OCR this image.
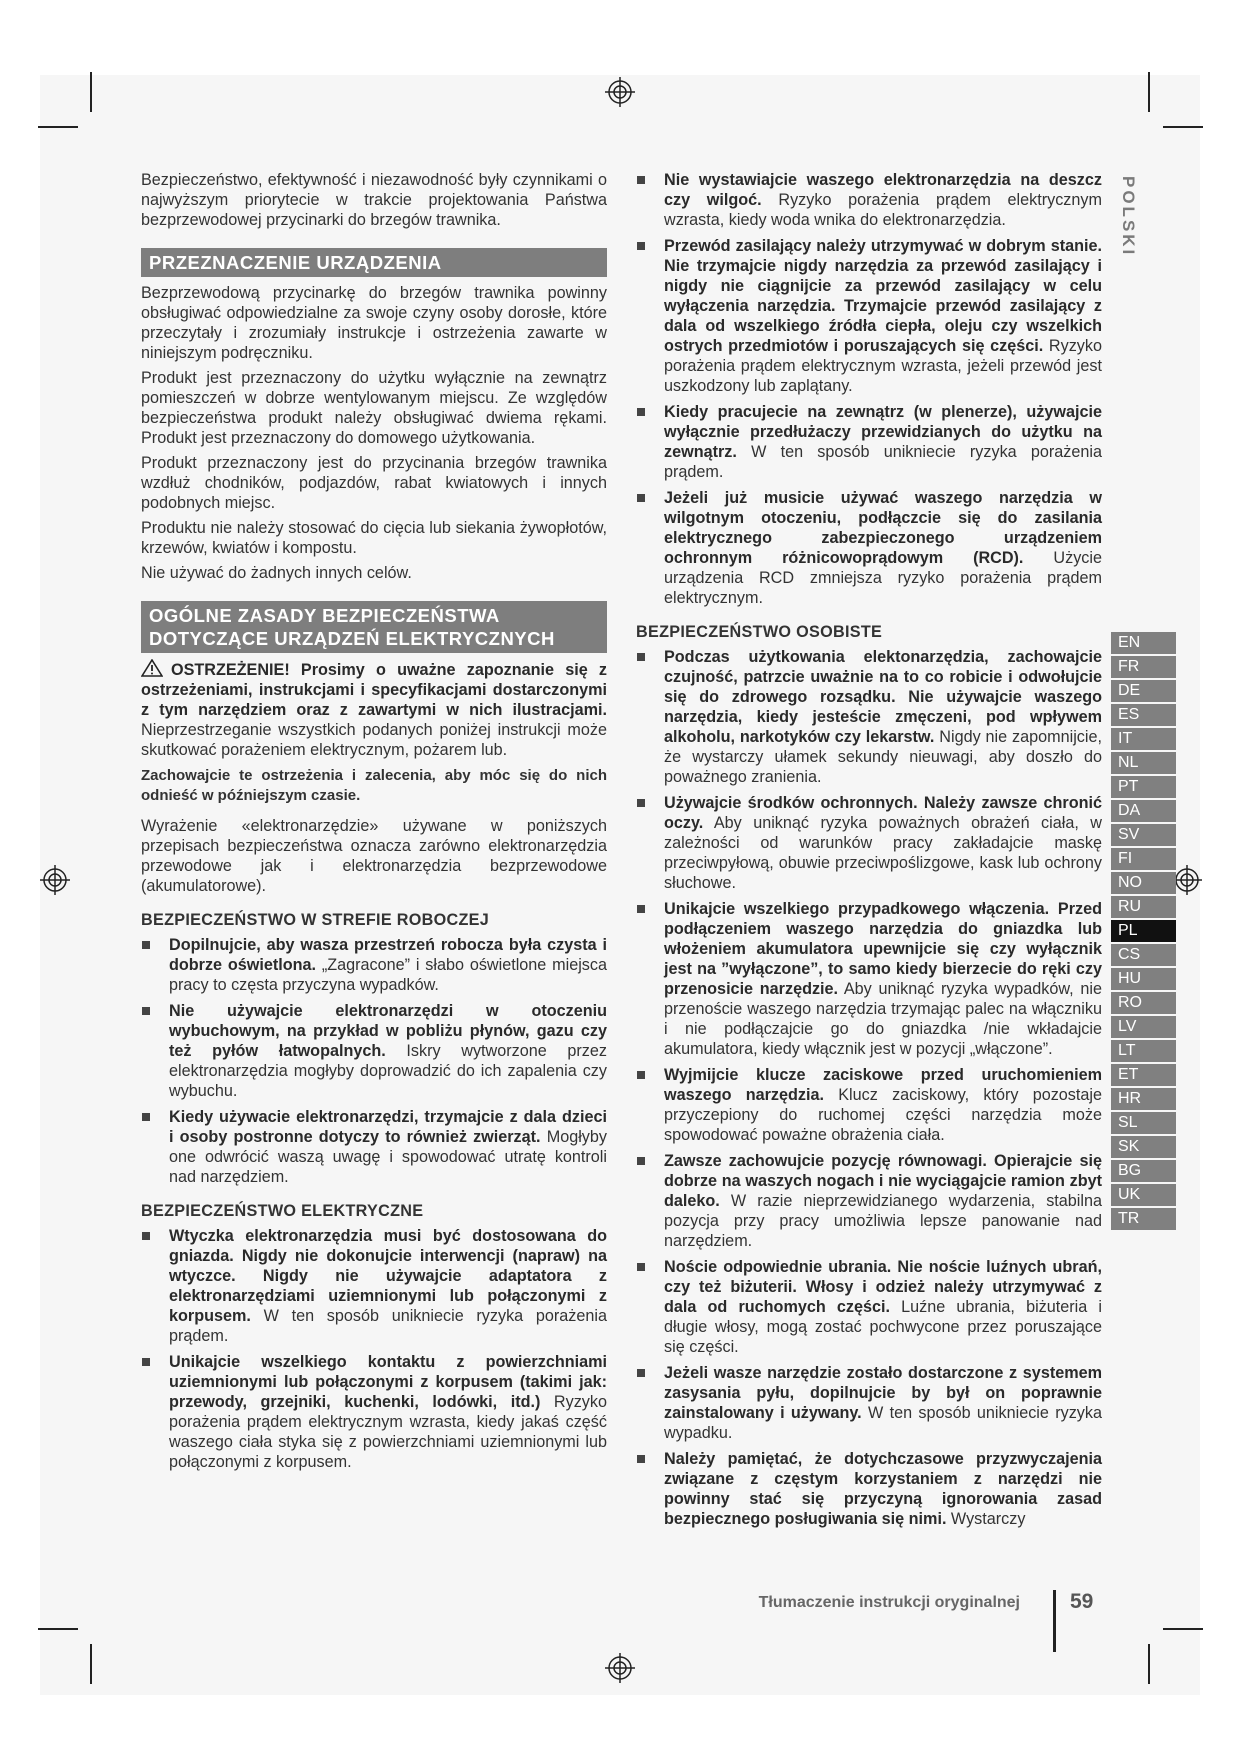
POLSKI

Bezpieczeństwo, efektywność i niezawodność były czynnikami o najwyższym priorytecie w trakcie projektowania Państwa bezprzewodowej przycinarki do brzegów trawnika.

PRZEZNACZENIE URZĄDZENIA

Bezprzewodową przycinarkę do brzegów trawnika powinny obsługiwać odpowiedzialne za swoje czyny osoby dorosłe, które przeczytały i zrozumiały instrukcje i ostrzeżenia zawarte w niniejszym podręczniku.

Produkt jest przeznaczony do użytku wyłącznie na zewnątrz pomieszczeń w dobrze wentylowanym miejscu. Ze względów bezpieczeństwa produkt należy obsługiwać dwiema rękami. Produkt jest przeznaczony do domowego użytkowania.

Produkt przeznaczony jest do przycinania brzegów trawnika wzdłuż chodników, podjazdów, rabat kwiatowych i innych podobnych miejsc.

Produktu nie należy stosować do cięcia lub siekania żywopłotów, krzewów, kwiatów i kompostu.

Nie używać do żadnych innych celów.

OGÓLNE ZASADY BEZPIECZEŃSTWA
DOTYCZĄCE URZĄDZEŃ ELEKTRYCZNYCH

OSTRZEŻENIE! Prosimy o uważne zapoznanie się z ostrzeżeniami, instrukcjami i specyfikacjami dostarczonymi z tym narzędziem oraz z zawartymi w nich ilustracjami. Nieprzestrzeganie wszystkich podanych poniżej instrukcji może skutkować porażeniem elektrycznym, pożarem lub.

Zachowajcie te ostrzeżenia i zalecenia, aby móc się do nich odnieść w późniejszym czasie.

Wyrażenie «elektronarzędzie» używane w poniższych przepisach bezpieczeństwa oznacza zarówno elektronarzędzia przewodowe jak i elektronarzędzia bezprzewodowe (akumulatorowe).

BEZPIECZEŃSTWO W STREFIE ROBOCZEJ
Dopilnujcie, aby wasza przestrzeń robocza była czysta i dobrze oświetlona. „Zagracone” i słabo oświetlone miejsca pracy to częsta przyczyna wypadków.
Nie używajcie elektronarzędzi w otoczeniu wybuchowym, na przykład w pobliżu płynów, gazu czy też pyłów łatwopalnych. Iskry wytworzone przez elektronarzędzia mogłyby doprowadzić do ich zapalenia czy wybuchu.
Kiedy używacie elektronarzędzi, trzymajcie z dala dzieci i osoby postronne dotyczy to również zwierząt. Mogłyby one odwrócić waszą uwagę i spowodować utratę kontroli nad narzędziem.
BEZPIECZEŃSTWO ELEKTRYCZNE
Wtyczka elektronarzędzia musi być dostosowana do gniazda. Nigdy nie dokonujcie interwencji (napraw) na wtyczce. Nigdy nie używajcie adaptatora z elektronarzędziami uziemnionymi lub połączonymi z korpusem. W ten sposób unikniecie ryzyka porażenia prądem.
Unikajcie wszelkiego kontaktu z powierzchniami uziemnionymi lub połączonymi z korpusem (takimi jak: przewody, grzejniki, kuchenki, lodówki, itd.) Ryzyko porażenia prądem elektrycznym wzrasta, kiedy jakaś część waszego ciała styka się z powierzchniami uziemnionymi lub połączonymi z korpusem.
Nie wystawiajcie waszego elektronarzędzia na deszcz czy wilgoć. Ryzyko porażenia prądem elektrycznym wzrasta, kiedy woda wnika do elektronarzędzia.
Przewód zasilający należy utrzymywać w dobrym stanie. Nie trzymajcie nigdy narzędzia za przewód zasilający i nigdy nie ciągnijcie za przewód zasilający w celu wyłączenia narzędzia. Trzymajcie przewód zasilający z dala od wszelkiego źródła ciepła, oleju czy wszelkich ostrych przedmiotów i poruszających się części. Ryzyko porażenia prądem elektrycznym wzrasta, jeżeli przewód jest uszkodzony lub zaplątany.
Kiedy pracujecie na zewnątrz (w plenerze), używajcie wyłącznie przedłużaczy przewidzianych do użytku na zewnątrz. W ten sposób unikniecie ryzyka porażenia prądem.
Jeżeli już musicie używać waszego narzędzia w wilgotnym otoczeniu, podłączcie się do zasilania elektrycznego zabezpieczonego urządzeniem ochronnym różnicowoprądowym (RCD). Użycie urządzenia RCD zmniejsza ryzyko porażenia prądem elektrycznym.
BEZPIECZEŃSTWO OSOBISTE
Podczas użytkowania elektonarzędzia, zachowajcie czujność, patrzcie uważnie na to co robicie i odwołujcie się do zdrowego rozsądku. Nie używajcie waszego narzędzia, kiedy jesteście zmęczeni, pod wpływem alkoholu, narkotyków czy lekarstw. Nigdy nie zapomnijcie, że wystarczy ułamek sekundy nieuwagi, aby doszło do poważnego zranienia.
Używajcie środków ochronnych. Należy zawsze chronić oczy. Aby uniknąć ryzyka poważnych obrażeń ciała, w zależności od warunków pracy zakładajcie maskę przeciwpyłową, obuwie przeciwpoślizgowe, kask lub ochrony słuchowe.
Unikajcie wszelkiego przypadkowego włączenia. Przed podłączeniem waszego narzędzia do gniazdka lub włożeniem akumulatora upewnijcie się czy wyłącznik jest na ”wyłączone”, to samo kiedy bierzecie do ręki czy przenosicie narzędzie. Aby uniknąć ryzyka wypadków, nie przenoście waszego narzędzia trzymając palec na włączniku i nie podłączajcie go do gniazdka /nie wkładajcie akumulatora, kiedy włącznik jest w pozycji „włączone”.
Wyjmijcie klucze zaciskowe przed uruchomieniem waszego narzędzia. Klucz zaciskowy, który pozostaje przyczepiony do ruchomej części narzędzia może spowodować poważne obrażenia ciała.
Zawsze zachowujcie pozycję równowagi. Opierajcie się dobrze na waszych nogach i nie wyciągajcie ramion zbyt daleko. W razie nieprzewidzianego wydarzenia, stabilna pozycja przy pracy umożliwia lepsze panowanie nad narzędziem.
Noście odpowiednie ubrania. Nie noście luźnych ubrań, czy też biżuterii. Włosy i odzież należy utrzymywać z dala od ruchomych części. Luźne ubrania, biżuteria i długie włosy, mogą zostać pochwycone przez poruszające się części.
Jeżeli wasze narzędzie zostało dostarczone z systemem zasysania pyłu, dopilnujcie by był on poprawnie zainstalowany i używany. W ten sposób unikniecie ryzyka wypadku.
Należy pamiętać, że dotychczasowe przyzwyczajenia związane z częstym korzystaniem z narzędzi nie powinny stać się przyczyną ignorowania zasad bezpiecznego posługiwania się nimi. Wystarczy
EN
FR
DE
ES
IT
NL
PT
DA
SV
FI
NO
RU
PL
CS
HU
RO
LV
LT
ET
HR
SL
SK
BG
UK
TR
Tłumaczenie instrukcji oryginalnej 59
